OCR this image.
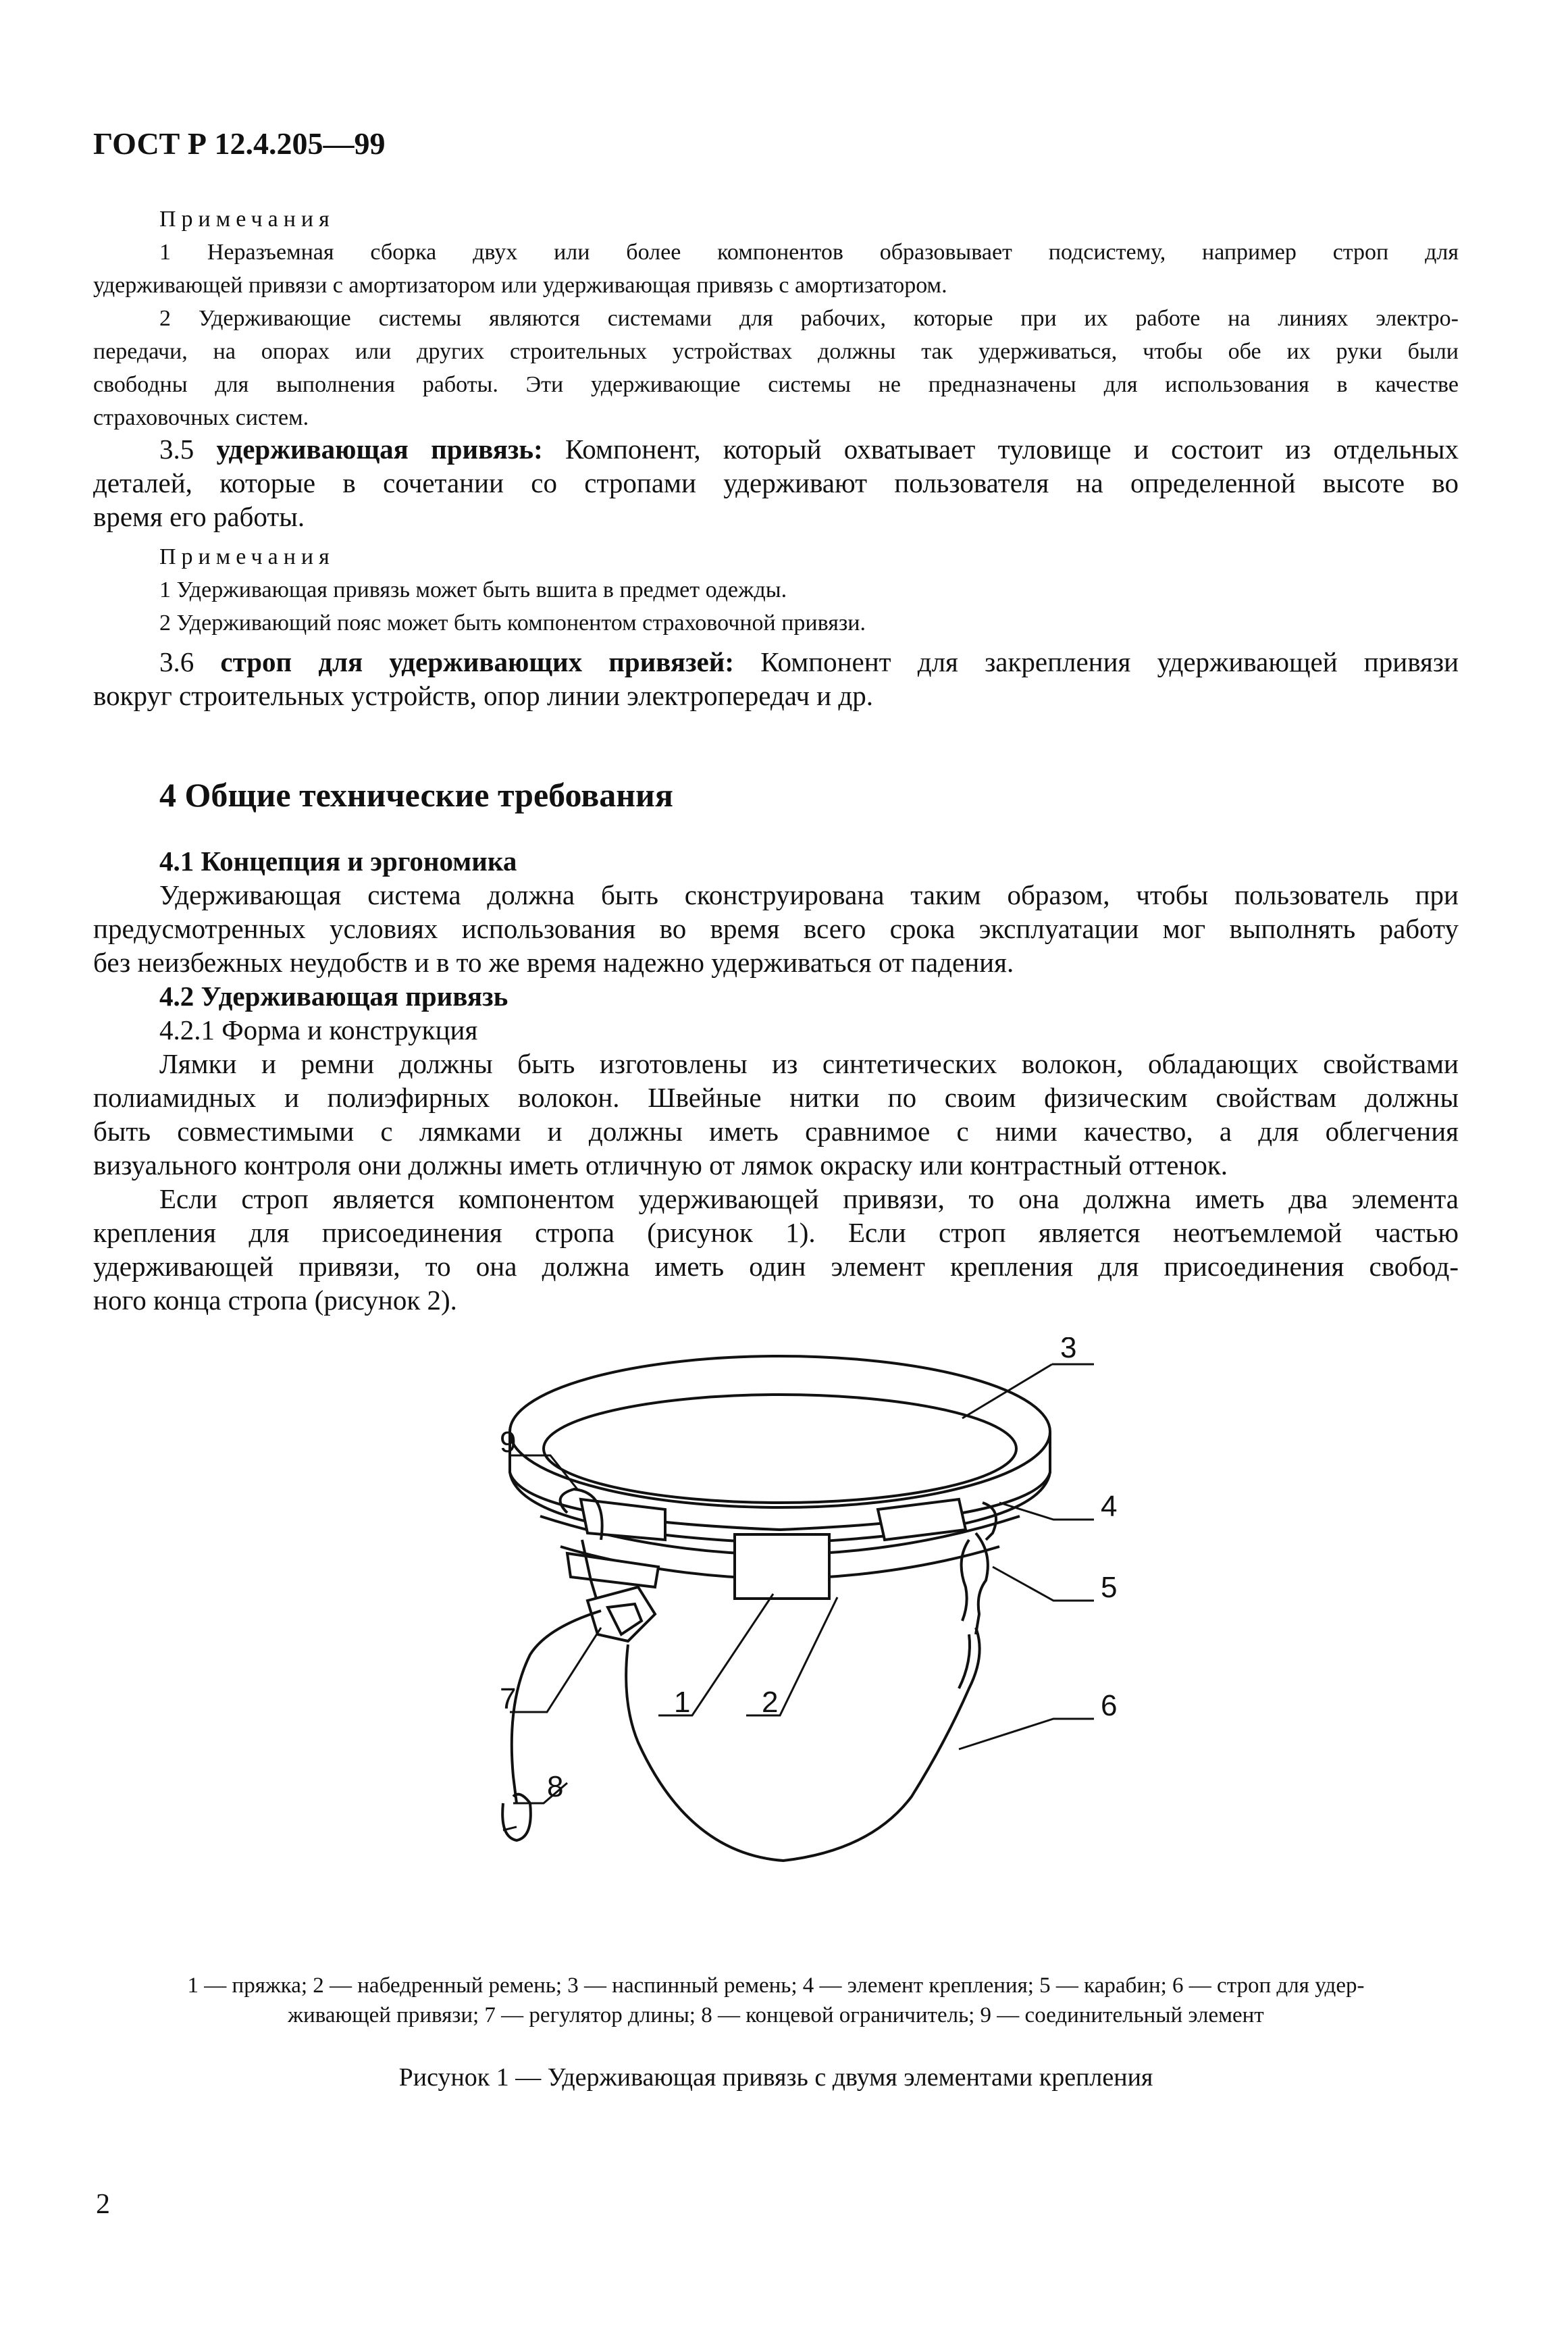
ГОСТ Р 12.4.205—99
Примечания
1 Неразъемная сборка двух или более компонентов образовывает подсистему, например строп для
удерживающей привязи с амортизатором или удерживающая привязь с амортизатором.
2 Удерживающие системы являются системами для рабочих, которые при их работе на линиях электро-
передачи, на опорах или других строительных устройствах должны так удерживаться, чтобы обе их руки были
свободны для выполнения работы. Эти удерживающие системы не предназначены для использования в качестве
страховочных систем.
3.5 удерживающая привязь: Компонент, который охватывает туловище и состоит из отдельных
деталей, которые в сочетании со стропами удерживают пользователя на определенной высоте во
время его работы.
Примечания
1 Удерживающая привязь может быть вшита в предмет одежды.
2 Удерживающий пояс может быть компонентом страховочной привязи.
3.6 строп для удерживающих привязей: Компонент для закрепления удерживающей привязи
вокруг строительных устройств, опор линии электропередач и др.
4 Общие технические требования
4.1 Концепция и эргономика
Удерживающая система должна быть сконструирована таким образом, чтобы пользователь при
предусмотренных условиях использования во время всего срока эксплуатации мог выполнять работу
без неизбежных неудобств и в то же время надежно удерживаться от падения.
4.2 Удерживающая привязь
4.2.1 Форма и конструкция
Лямки и ремни должны быть изготовлены из синтетических волокон, обладающих свойствами
полиамидных и полиэфирных волокон. Швейные нитки по своим физическим свойствам должны
быть совместимыми с лямками и должны иметь сравнимое с ними качество, а для облегчения
визуального контроля они должны иметь отличную от лямок окраску или контрастный оттенок.
Если строп является компонентом удерживающей привязи, то она должна иметь два элемента
крепления для присоединения стропа (рисунок 1). Если строп является неотъемлемой частью
удерживающей привязи, то она должна иметь один элемент крепления для присоединения свобод-
ного конца стропа (рисунок 2).
3
4
5
6
9
7	1 2
8
1 — пряжка; 2 — набедренный ремень; 3 — наспинный ремень; 4 — элемент крепления; 5 — карабин; 6 — строп для удер-
живающей привязи; 7 — регулятор длины; 8 — концевой ограничитель; 9 — соединительный элемент
Рисунок 1 — Удерживающая привязь с двумя элементами крепления
2
